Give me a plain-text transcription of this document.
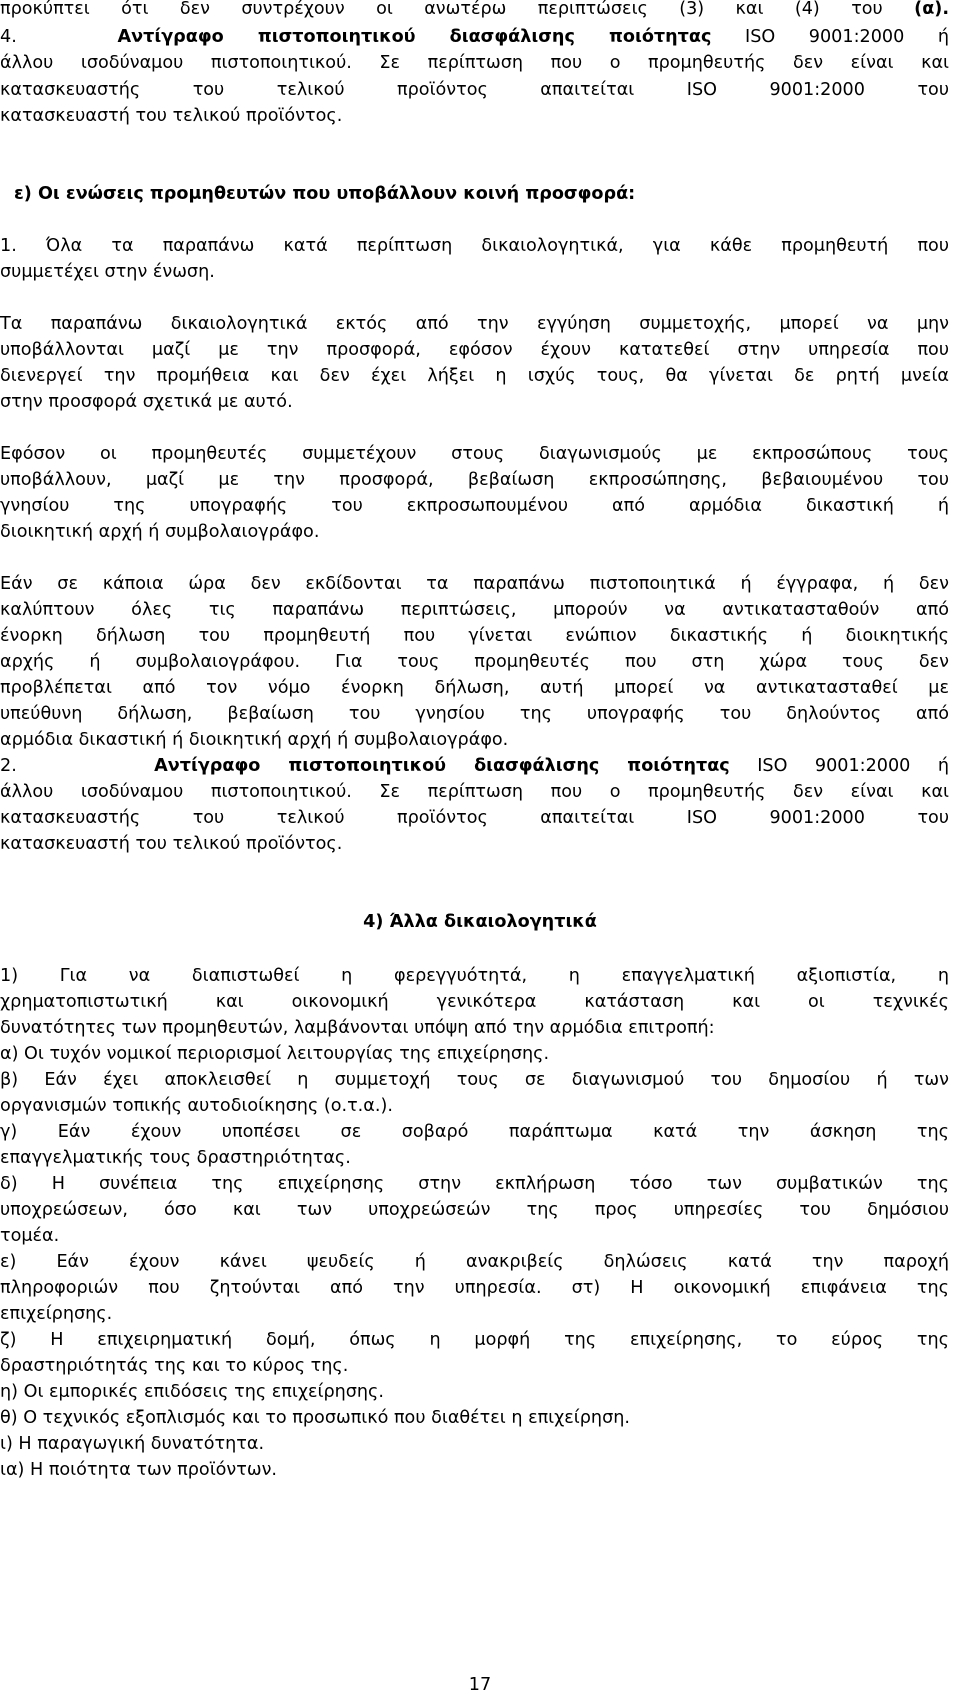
προκύπτει ότι δεν συντρέχουν οι ανωτέρω περιπτώσεις (3) και (4) του (α).
4.	Αντίγραφο πιστοποιητικού διασφάλισης ποιότητας ISO 9001:2000 ή
άλλου ισοδύναμου πιστοποιητικού. Σε περίπτωση που ο προμηθευτής δεν είναι και
κατασκευαστής του τελικού προϊόντος απαιτείται ISO 9001:2000 του
κατασκευαστή του τελικού προϊόντος.
ε) Οι ενώσεις προμηθευτών που υποβάλλουν κοινή προσφορά:
1. Όλα τα παραπάνω κατά περίπτωση δικαιολογητικά, για κάθε προμηθευτή που
συμμετέχει στην ένωση.
Τα παραπάνω δικαιολογητικά εκτός από την εγγύηση συμμετοχής, μπορεί να μην
υποβάλλονται μαζί με την προσφορά, εφόσον έχουν κατατεθεί στην υπηρεσία που
διενεργεί την προμήθεια και δεν έχει λήξει η ισχύς τους, θα γίνεται δε ρητή μνεία
στην προσφορά σχετικά με αυτό.
Εφόσον οι προμηθευτές συμμετέχουν στους διαγωνισμούς με εκπροσώπους τους
υποβάλλουν, μαζί με την προσφορά, βεβαίωση εκπροσώπησης, βεβαιουμένου του
γνησίου της υπογραφής του εκπροσωπουμένου από αρμόδια δικαστική ή
διοικητική αρχή ή συμβολαιογράφο.
Εάν σε κάποια ώρα δεν εκδίδονται τα παραπάνω πιστοποιητικά ή έγγραφα, ή δεν
καλύπτουν όλες τις παραπάνω περιπτώσεις, μπορούν να αντικατασταθούν από
ένορκη δήλωση του προμηθευτή που γίνεται ενώπιον δικαστικής ή διοικητικής
αρχής ή συμβολαιογράφου. Για τους προμηθευτές που στη χώρα τους δεν
προβλέπεται από τον νόμο ένορκη δήλωση, αυτή μπορεί να αντικατασταθεί με
υπεύθυνη δήλωση, βεβαίωση του γνησίου της υπογραφής του δηλούντος από
αρμόδια δικαστική ή διοικητική αρχή ή συμβολαιογράφο.
2.	Αντίγραφο πιστοποιητικού διασφάλισης ποιότητας ISO 9001:2000 ή
άλλου ισοδύναμου πιστοποιητικού. Σε περίπτωση που ο προμηθευτής δεν είναι και
κατασκευαστής του τελικού προϊόντος απαιτείται ISO 9001:2000 του
κατασκευαστή του τελικού προϊόντος.
4) Άλλα δικαιολογητικά
1) Για να διαπιστωθεί η φερεγγυότητά, η επαγγελματική αξιοπιστία, η
χρηματοπιστωτική και οικονομική γενικότερα κατάσταση και οι τεχνικές
δυνατότητες των προμηθευτών, λαμβάνονται υπόψη από την αρμόδια επιτροπή:
α) Οι τυχόν νομικοί περιορισμοί λειτουργίας της επιχείρησης.
β) Εάν έχει αποκλεισθεί η συμμετοχή τους σε διαγωνισμού του δημοσίου ή των
οργανισμών τοπικής αυτοδιοίκησης (ο.τ.α.).
γ) Εάν έχουν υποπέσει σε σοβαρό παράπτωμα κατά την άσκηση της
επαγγελματικής τους δραστηριότητας.
δ) Η συνέπεια της επιχείρησης στην εκπλήρωση τόσο των συμβατικών της
υποχρεώσεων, όσο και των υποχρεώσεών της προς υπηρεσίες του δημόσιου
τομέα.
ε) Εάν έχουν κάνει ψευδείς ή ανακριβείς δηλώσεις κατά την παροχή
πληροφοριών που ζητούνται από την υπηρεσία. στ) Η οικονομική επιφάνεια της
επιχείρησης.
ζ) Η επιχειρηματική δομή, όπως η μορφή της επιχείρησης, το εύρος της
δραστηριότητάς της και το κύρος της.
η) Οι εμπορικές επιδόσεις της επιχείρησης.
θ) Ο τεχνικός εξοπλισμός και το προσωπικό που διαθέτει η επιχείρηση.
ι) Η παραγωγική δυνατότητα.
ια) Η ποιότητα των προϊόντων.
17
